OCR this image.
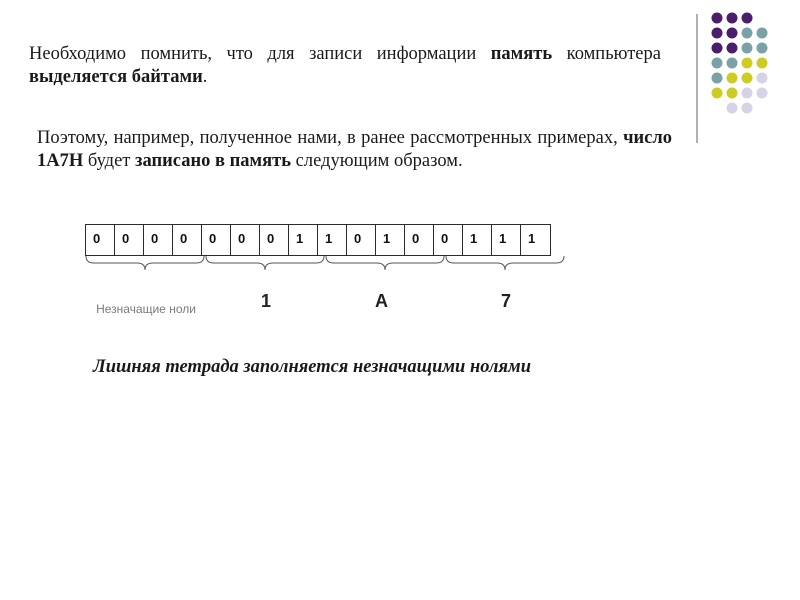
Необходимо помнить, что для записи информации память компьютера выделяется байтами.

Поэтому, например, полученное нами, в ранее рассмотренных примерах, число 1А7Н будет записано в память следующим образом.

0	0	0	0	0	0	0	1	1	0	1	0	0	1	1	1
Незначащие ноли	1	A	7

Лишняя тетрада заполняется незначащими нолями
